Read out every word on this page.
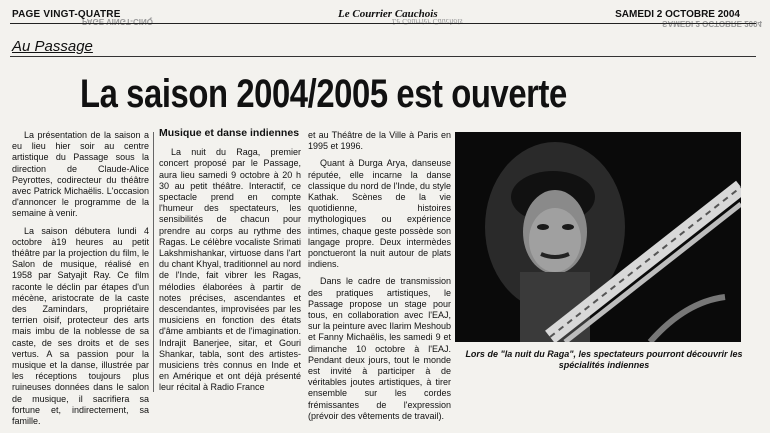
PAGE VINGT-QUATRE
PAGE VINGT-CINQ
Le Courrier Cauchois
Le Courrier Cauchois
SAMEDI 2 OCTOBRE 2004
SAMEDI 2 OCTOBRE 2004
Au Passage
La saison 2004/2005 est ouverte

La présentation de la saison a eu lieu hier soir au centre artistique du Passage sous la direction de Claude-Alice Peyrottes, codirecteur du théâtre avec Patrick Michaëlis. L'occasion d'annoncer le programme de la semaine à venir.

La saison débutera lundi 4 octobre à19 heures au petit théâtre par la projection du film, le Salon de musique, réalisé en 1958 par Satyajit Ray. Ce film raconte le déclin par étapes d'un mécène, aristocrate de la caste des Zamindars, propriétaire terrien oisif, protecteur des arts mais imbu de la noblesse de sa caste, de ses droits et de ses vertus. A sa passion pour la musique et la danse, illustrée par les réceptions toujours plus ruineuses données dans le salon de musique, il sacrifiera sa fortune et, indirectement, sa famille.

Musique et danse indiennes

La nuit du Raga, premier concert proposé par le Passage, aura lieu samedi 9 octobre à 20 h 30 au petit théâtre. Interactif, ce spectacle prend en compte l'humeur des spectateurs, les sensibilités de chacun pour prendre au corps au rythme des Ragas. Le célèbre vocaliste Srimati Lakshmishankar, virtuose dans l'art du chant Khyal, traditionnel au nord de l'Inde, fait vibrer les Ragas, mélodies élaborées à partir de notes précises, ascendantes et descendantes, improvisées par les musiciens en fonction des états d'âme ambiants et de l'imagination. Indrajit Banerjee, sitar, et Gouri Shankar, tabla, sont des artistes-musiciens très connus en Inde et en Amérique et ont déjà présenté leur récital à Radio France

et au Théâtre de la Ville à Paris en 1995 et 1996.

Quant à Durga Arya, danseuse réputée, elle incarne la danse classique du nord de l'Inde, du style Kathak. Scènes de la vie quotidienne, histoires mythologiques ou expérience intimes, chaque geste possède son langage propre. Deux intermèdes ponctueront la nuit autour de plats indiens.

Dans le cadre de transmission des pratiques artistiques, le Passage propose un stage pour tous, en collaboration avec l'EAJ, sur la peinture avec Ilarim Meshoub et Fanny Michaëlis, les samedi 9 et dimanche 10 octobre à l'EAJ. Pendant deux jours, tout le monde est invité à participer à de véritables joutes artistiques, à tirer ensemble sur les cordes frémissantes de l'expression (prévoir des vêtements de travail).

Lors de "la nuit du Raga", les spectateurs pourront découvrir les spécialités indiennes
